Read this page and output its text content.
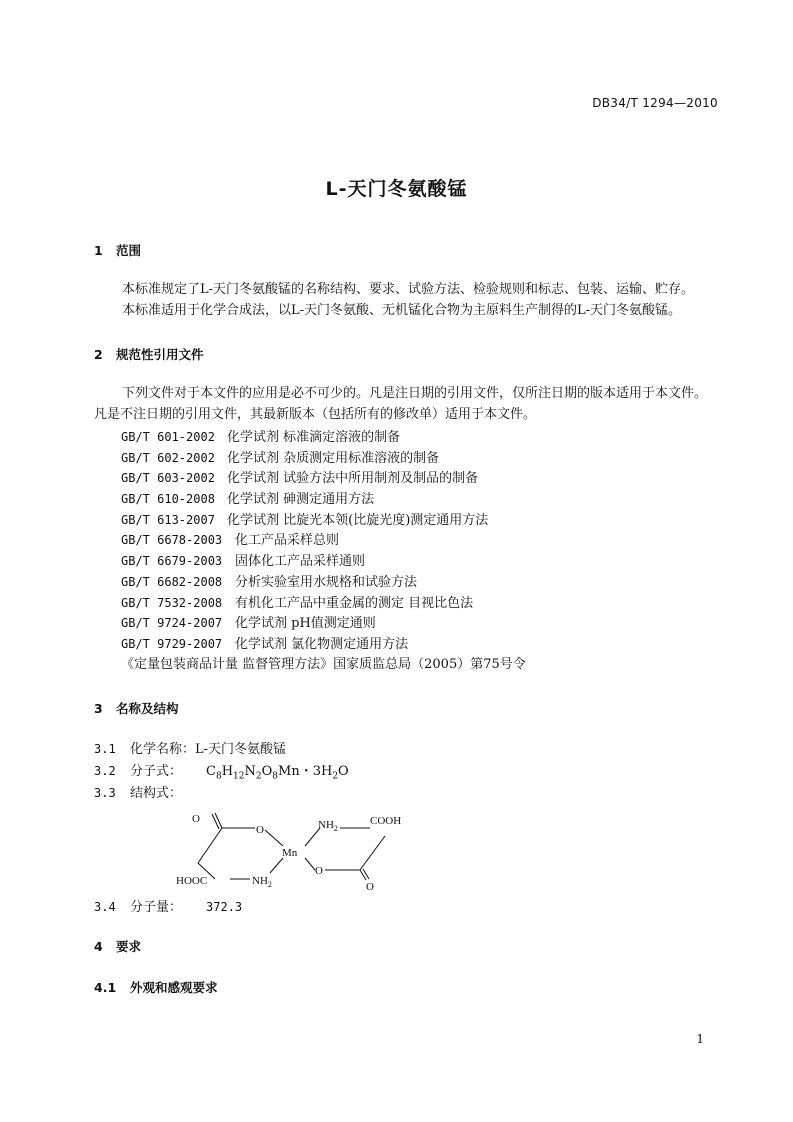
DB34/T 1294—2010
L-天门冬氨酸锰
1 范围
本标准规定了L-天门冬氨酸锰的名称结构、要求、试验方法、检验规则和标志、包装、运输、贮存。
本标准适用于化学合成法，以L-天门冬氨酸、无机锰化合物为主原料生产制得的L-天门冬氨酸锰。
2 规范性引用文件
下列文件对于本文件的应用是必不可少的。凡是注日期的引用文件，仅所注日期的版本适用于本文件。凡是不注日期的引用文件，其最新版本（包括所有的修改单）适用于本文件。
GB/T 601-2002 化学试剂 标准滴定溶液的制备
GB/T 602-2002 化学试剂 杂质测定用标准溶液的制备
GB/T 603-2002 化学试剂 试验方法中所用制剂及制品的制备
GB/T 610-2008 化学试剂 砷测定通用方法
GB/T 613-2007 化学试剂 比旋光本领(比旋光度)测定通用方法
GB/T 6678-2003 化工产品采样总则
GB/T 6679-2003 固体化工产品采样通则
GB/T 6682-2008 分析实验室用水规格和试验方法
GB/T 7532-2008 有机化工产品中重金属的测定 目视比色法
GB/T 9724-2007 化学试剂 pH值测定通则
GB/T 9729-2007 化学试剂 氯化物测定通用方法
《定量包装商品计量 监督管理方法》国家质监总局（2005）第75号令
3 名称及结构
3.1 化学名称：L-天门冬氨酸锰
3.2 分子式： $C_8H_{12}N_2O_8Mn$・$3H_2O$
3.3 结构式：
O
O
Mn
$NH_2$
COOH
HOOC	$NH_2$
O
O
3.4 分子量： 372.3
4 要求
4.1 外观和感观要求
1
